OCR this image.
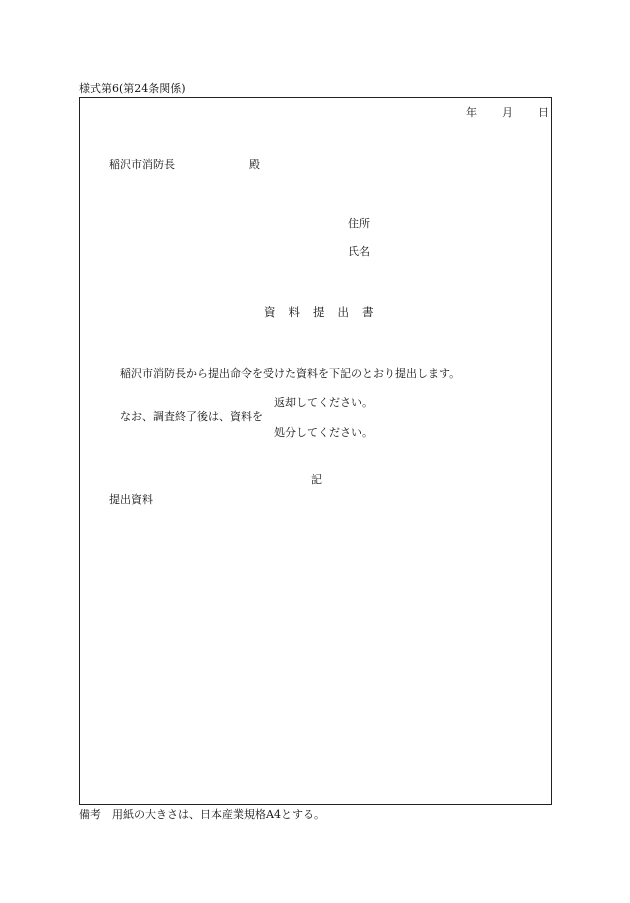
様式第6(第24条関係)
年 月 日
稲沢市消防長	殿
住所
氏名
資 料 提 出 書
稲沢市消防長から提出命令を受けた資料を下記のとおり提出します。
返却してください。
なお、調査終了後は、資料を
処分してください。
記
提出資料
備考　用紙の大きさは、日本産業規格A4とする。
